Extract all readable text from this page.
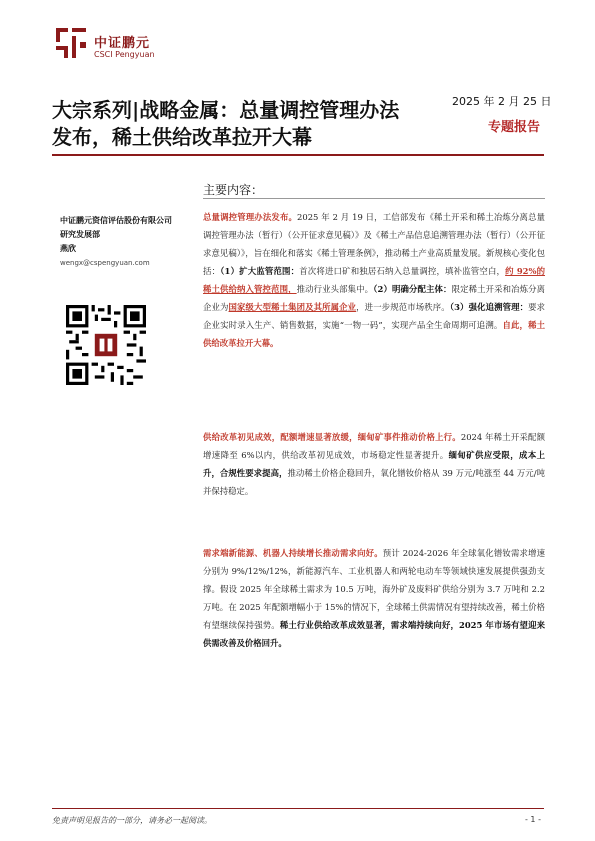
中证鹏元
CSCI Pengyuan
大宗系列|战略金属：总量调控管理办法
发布，稀土供给改革拉开大幕
2025 年 2 月 25 日
专题报告
中证鹏元资信评估股份有限公司
研究发展部
燕欣
wengx@cspengyuan.com
主要内容：
总量调控管理办法发布。2025 年 2 月 19 日，工信部发布《稀土开采和稀土冶炼分离总量调控管理办法（暂行）（公开征求意见稿）》及《稀土产品信息追溯管理办法（暂行）（公开征求意见稿）》，旨在细化和落实《稀土管理条例》，推动稀土产业高质量发展。新规核心变化包括：（1）扩大监管范围：首次将进口矿和独居石纳入总量调控，填补监管空白，约 92%的稀土供给纳入管控范围，推动行业头部集中。（2）明确分配主体：限定稀土开采和冶炼分离企业为国家级大型稀土集团及其所属企业，进一步规范市场秩序。（3）强化追溯管理：要求企业实时录入生产、销售数据，实施“一物一码”，实现产品全生命周期可追溯。自此，稀土供给改革拉开大幕。
供给改革初见成效，配额增速显著放缓，缅甸矿事件推动价格上行。2024 年稀土开采配额增速降至 6%以内，供给改革初见成效，市场稳定性显著提升。缅甸矿供应受限，成本上升，合规性要求提高，推动稀土价格企稳回升，氧化镨钕价格从 39 万元/吨涨至 44 万元/吨并保持稳定。
需求端新能源、机器人持续增长推动需求向好。预计 2024-2026 年全球氧化镨钕需求增速分别为 9%/12%/12%，新能源汽车、工业机器人和两轮电动车等领域快速发展提供强劲支撑。假设 2025 年全球稀土需求为 10.5 万吨，海外矿及废料矿供给分别为 3.7 万吨和 2.2 万吨。在 2025 年配额增幅小于 15%的情况下，全球稀土供需情况有望持续改善，稀土价格有望继续保持强势。稀土行业供给改革成效显著，需求端持续向好，2025 年市场有望迎来供需改善及价格回升。
免责声明见报告的一部分，请务必一起阅读。	- 1 -
